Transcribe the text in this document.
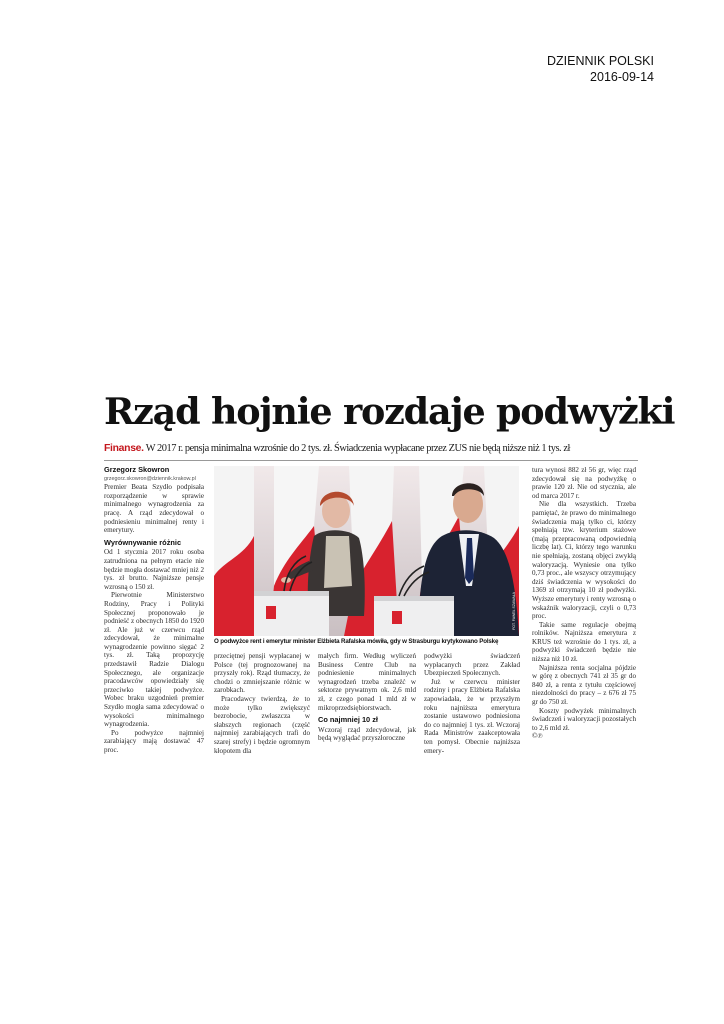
DZIENNIK POLSKI
2016-09-14
Rząd hojnie rozdaje podwyżki
Finanse. W 2017 r. pensja minimalna wzrośnie do 2 tys. zł. Świadczenia wypłacane przez ZUS nie będą niższe niż 1 tys. zł

Grzegorz Skowron

grzegorz.skowron@dziennik.krakow.pl

Premier Beata Szydło podpisała rozporządzenie w sprawie minimalnego wynagrodzenia za pracę. A rząd zdecydował o podniesieniu minimalnej renty i emerytury.

Wyrównywanie różnic

Od 1 stycznia 2017 roku osoba zatrudniona na pełnym etacie nie będzie mogła dostawać mniej niż 2 tys. zł brutto. Najniższe pensje wzrosną o 150 zł.

Pierwotnie Ministerstwo Rodziny, Pracy i Polityki Społecznej proponowało je podnieść z obecnych 1850 do 1920 zł. Ale już w czerwcu rząd zdecydował, że minimalne wynagrodzenie powinno sięgać 2 tys. zł. Taką propozycję przedstawił Radzie Dialogu Społecznego, ale organizacje pracodawców opowiedziały się przeciwko takiej podwyżce. Wobec braku uzgodnień premier Szydło mogła sama zdecydować o wysokości minimalnego wynagrodzenia.

Po podwyżce najmniej zarabiający mają dostawać 47 proc.

FOT. PAWEŁ SZAWAŁA
O podwyżce rent i emerytur minister Elżbieta Rafalska mówiła, gdy w Strasburgu krytykowano Polskę

przeciętnej pensji wypłacanej w Polsce (tej prognozowanej na przyszły rok). Rząd tłumaczy, że chodzi o zmniejszanie różnic w zarobkach.

Pracodawcy twierdzą, że to może tylko zwiększyć bezrobocie, zwłaszcza w słabszych regionach (część najmniej zarabiających trafi do szarej strefy) i będzie ogromnym kłopotem dla

małych firm. Według wyliczeń Business Centre Club na podniesienie minimalnych wynagrodzeń trzeba znaleźć w sektorze prywatnym ok. 2,6 mld zł, z czego ponad 1 mld zł w mikroprzedsiębiorstwach.

Co najmniej 10 zł

Wczoraj rząd zdecydował, jak będą wyglądać przyszłoroczne

podwyżki świadczeń wypłacanych przez Zakład Ubezpieczeń Społecznych.

Już w czerwcu minister rodziny i pracy Elżbieta Rafalska zapowiadała, że w przyszłym roku najniższa emerytura zostanie ustawowo podniesiona do co najmniej 1 tys. zł. Wczoraj Rada Ministrów zaakceptowała ten pomysł. Obecnie najniższa emery-

tura wynosi 882 zł 56 gr, więc rząd zdecydował się na podwyżkę o prawie 120 zł. Nie od stycznia, ale od marca 2017 r.

Nie dla wszystkich. Trzeba pamiętać, że prawo do minimalnego świadczenia mają tylko ci, którzy spełniają tzw. kryterium stażowe (mają przepracowaną odpowiednią liczbę lat). Ci, którzy tego warunku nie spełniają, zostaną objęci zwykłą waloryzacją. Wyniesie ona tylko 0,73 proc., ale wszyscy otrzymujący dziś świadczenia w wysokości do 1369 zł otrzymają 10 zł podwyżki. Wyższe emerytury i renty wzrosną o wskaźnik waloryzacji, czyli o 0,73 proc.

Takie same regulacje obejmą rolników. Najniższa emerytura z KRUS też wzrośnie do 1 tys. zł, a podwyżki świadczeń będzie nie niższa niż 10 zł.

Najniższa renta socjalna pójdzie w górę z obecnych 741 zł 35 gr do 840 zł, a renta z tytułu częściowej niezdolności do pracy – z 676 zł 75 gr do 750 zł.

Koszty podwyżek minimalnych świadczeń i waloryzacji pozostałych to 2,6 mld zł.

©℗
